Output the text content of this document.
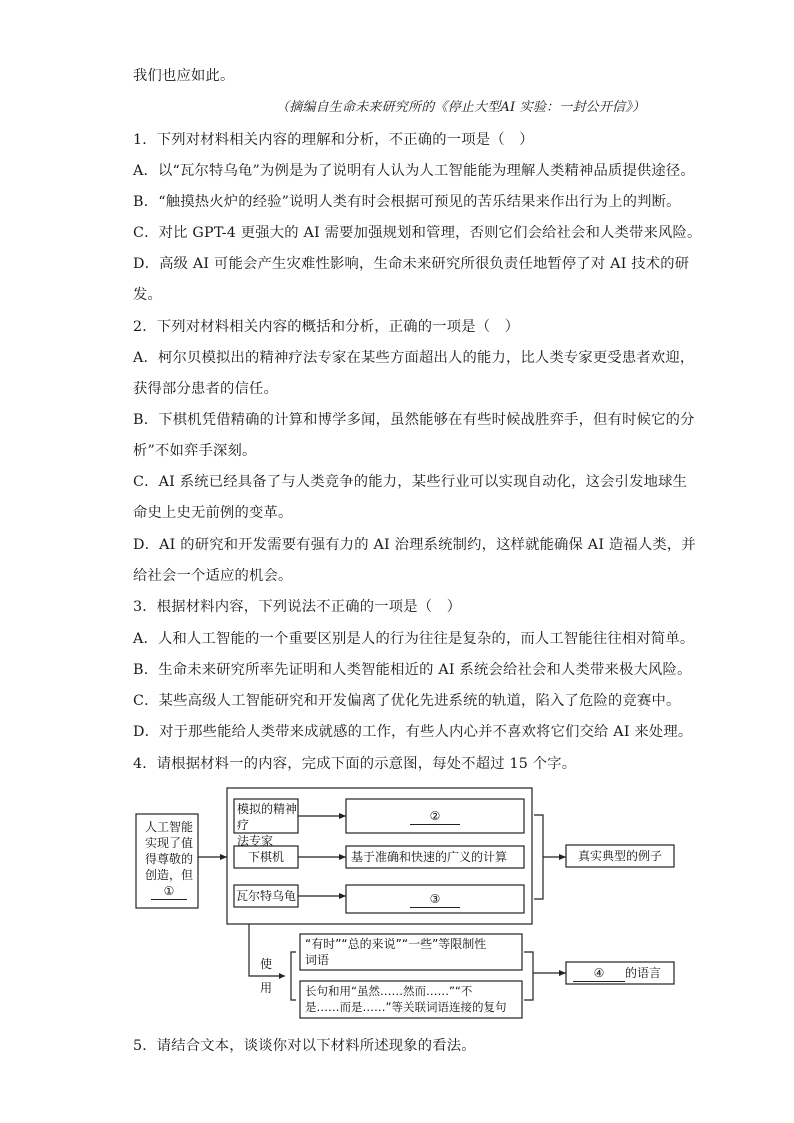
我们也应如此。
（摘编自生命未来研究所的《停止大型AI 实验：一封公开信》）
1．下列对材料相关内容的理解和分析，不正确的一项是（　）
A．以“瓦尔特乌龟”为例是为了说明有人认为人工智能能为理解人类精神品质提供途径。
B．“触摸热火炉的经验”说明人类有时会根据可预见的苦乐结果来作出行为上的判断。
C．对比 GPT-4 更强大的 AI 需要加强规划和管理，否则它们会给社会和人类带来风险。
D．高级 AI 可能会产生灾难性影响，生命未来研究所很负责任地暂停了对 AI 技术的研
发。
2．下列对材料相关内容的概括和分析，正确的一项是（　）
A．柯尔贝模拟出的精神疗法专家在某些方面超出人的能力，比人类专家更受患者欢迎，
获得部分患者的信任。
B．下棋机凭借精确的计算和博学多闻，虽然能够在有些时候战胜弈手，但有时候它的分
析”不如弈手深刻。
C．AI 系统已经具备了与人类竞争的能力，某些行业可以实现自动化，这会引发地球生
命史上史无前例的变革。
D．AI 的研究和开发需要有强有力的 AI 治理系统制约，这样就能确保 AI 造福人类，并
给社会一个适应的机会。
3．根据材料内容，下列说法不正确的一项是（　）
A．人和人工智能的一个重要区别是人的行为往往是复杂的，而人工智能往往相对简单。
B．生命未来研究所率先证明和人类智能相近的 AI 系统会给社会和人类带来极大风险。
C．某些高级人工智能研究和开发偏离了优化先进系统的轨道，陷入了危险的竞赛中。
D．对于那些能给人类带来成就感的工作，有些人内心并不喜欢将它们交给 AI 来处理。
4．请根据材料一的内容，完成下面的示意图，每处不超过 15 个字。
人工智能
实现了值
得尊敬的
创造，但
①
模拟的精神疗
法专家
②
下棋机	基于准确和快速的广义的计算
瓦尔特乌龟	③
真实典型的例子
使
用
“有时”“总的来说”“一些”等限制性
词语
长句和用“虽然……然而……”“不
是……而是……”等关联词语连接的复句
④ 的语言
5．请结合文本，谈谈你对以下材料所述现象的看法。
